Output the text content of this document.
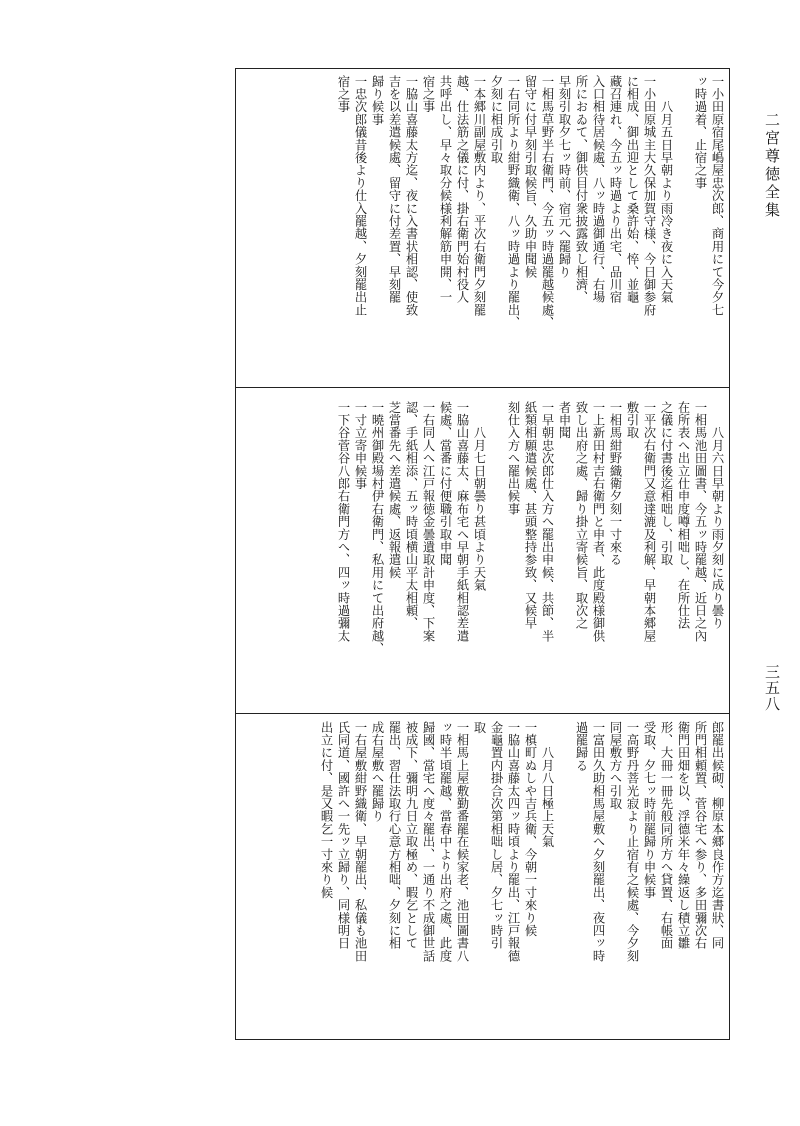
二宮尊徳全集
三五八
一小田原宿尾嶋屋忠次郎、商用にて今夕七
ッ時過着、止宿之事

　　八月五日早朝より雨冷き夜に入天氣
一小田原城主大久保加賀守様、今日御参府
に相成、御出迎として桑許始、悴、並龜
藏召連れ、今五ッ時過より出宅、品川宿
入口相待居候處、八ッ時過御通行、右場
所におゐて、御供目付衆披露致し相濟、
早刻引取夕七ッ時前、宿元へ罷歸り
一相馬草野半右衛門、今五ッ時過罷越候處、
留守に付早刻引取候旨、久助申聞候
一右同所より紺野織衛、八ッ時過より罷出、
夕刻に相成引取
一本郷川副屋敷内より、平次右衛門夕刻罷
越、仕法筋之儀に付、掛右衛門始村役人
共呼出し、早々取分候様利解筋申開、一
宿之事
一脇山喜藤太方迄、夜に入書状相認、使致
吉を以差遣候處、留守に付差置、早刻罷
歸り候事
一忠次郎儀昔後より仕入罷越、夕刻罷出止
宿之事
　　八月六日早朝より雨夕刻に成り曇り
一相馬池田圖書、今五ッ時罷越、近日之內
在所表へ出立仕申度噂相咄し、在所仕法
之儀に付書後迄相咄し、引取
一平次右衛門又意達漉及利解、早朝本郷屋
敷引取
一相馬紺野織衛夕刻一寸來る
一上新田村吉右衛門と申者、此度殿様御供
致し出府之處、歸り掛立寄候旨、取次之
者申聞
一早朝忠次郎仕入方へ罷出申候、共節、半
紙類相願遣候處、甚頭整持参致、又候早
刻仕入方へ罷出候事

　　八月七日朝曇り甚頃より天氣
一脇山喜藤太、麻布宅へ早朝手紙相認差遣
候處、當番に付便職引取申聞
一右同人へ江戸報徳金曇遺取計申度、下案
認、手紙相添、五ッ時頃横山平太相頼、
芝當番先へ差遣候處、返報遣候
一曉州御殿場村伊右衛門、私用にて出府越、
一寸立寄申候事
一下谷菅谷八郎右衛門方へ、四ッ時過彌太
郎罷出候砌、柳原本郷良作方迄書狀、同
所門相頼置、菅谷宅へ参り、多田彌次右
衛門田畑を以、浮德米年々繰返し積立雛
形、大冊一冊先般同所方へ貸置、右帳面
受取、夕七ッ時前罷歸り申候事
一高野丹菩光寂より止宿有之候處、今夕刻
同屋敷方へ引取
一富田久助相馬屋敷へ夕刻罷出、夜四ッ時
過罷歸る

　　八月八日極上天氣
一槙町ぬしや吉兵衛、今朝一寸來り候
一脇山喜藤太四ッ時頃より罷出、江戸報德
金龜置内掛合次第相咄し居、夕七ッ時引
取
一相馬上屋敷勤番罷在候家老、池田圖書八
ッ時半頃罷越、當春中より出府之處、此度
歸國、當宅へ度々罷出、一通り不成御世話
被成下、彌明九日立取極め、暇乞として
罷出、習仕法取行心意方相咄、夕刻に相
成右屋敷へ罷歸り
一右屋敷紺野織衛、早朝罷出、私儀も池田
氏同道、國許へ一先ッ立歸り、同様明日
出立に付、是又暇乞一寸來り候
